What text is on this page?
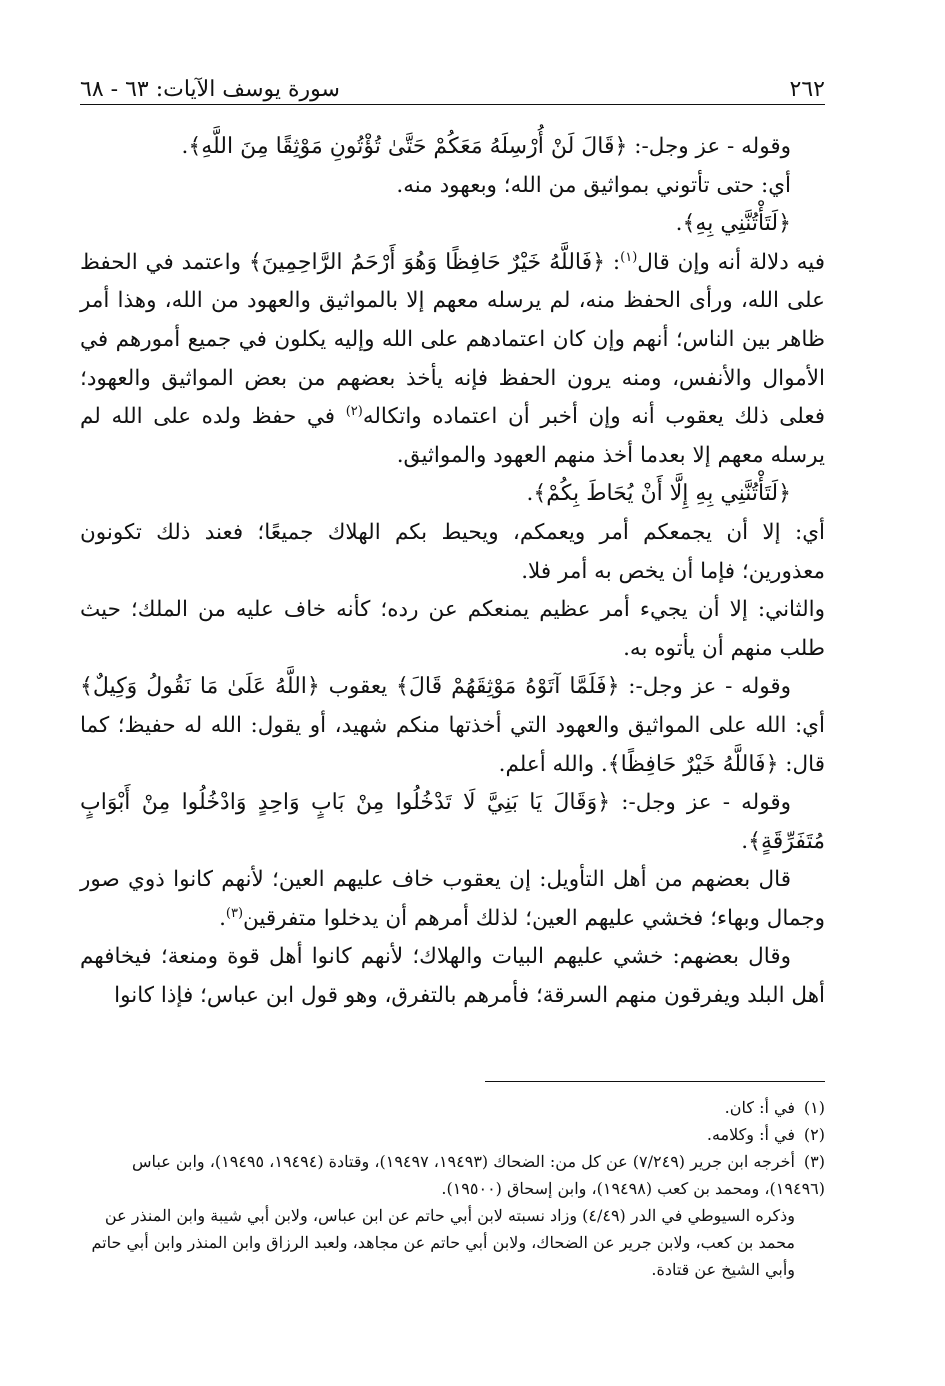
٢٦٢
سورة يوسف الآيات: ٦٣ - ٦٨

وقوله - عز وجل-: ﴿قَالَ لَنْ أُرْسِلَهُ مَعَكُمْ حَتَّىٰ تُؤْتُونِ مَوْثِقًا مِنَ اللَّهِ﴾.

أي: حتى تأتوني بمواثيق من الله؛ وبعهود منه.

﴿لَتَأْتُنَّنِي بِهِ﴾.

فيه دلالة أنه وإن قال$^{(١)}$: ﴿فَاللَّهُ خَيْرٌ حَافِظًا وَهُوَ أَرْحَمُ الرَّاحِمِينَ﴾ واعتمد في الحفظ على الله، ورأى الحفظ منه، لم يرسله معهم إلا بالمواثيق والعهود من الله، وهذا أمر ظاهر بين الناس؛ أنهم وإن كان اعتمادهم على الله وإليه يكلون في جميع أمورهم في الأموال والأنفس، ومنه يرون الحفظ فإنه يأخذ بعضهم من بعض المواثيق والعهود؛ فعلى ذلك يعقوب أنه وإن أخبر أن اعتماده واتكاله$^{(٢)}$ في حفظ ولده على الله لم يرسله معهم إلا بعدما أخذ منهم العهود والمواثيق.

﴿لَتَأْتُنَّنِي بِهِ إِلَّا أَنْ يُحَاطَ بِكُمْ﴾.

أي: إلا أن يجمعكم أمر ويعمكم، ويحيط بكم الهلاك جميعًا؛ فعند ذلك تكونون معذورين؛ فإما أن يخص به أمر فلا.

والثاني: إلا أن يجيء أمر عظيم يمنعكم عن رده؛ كأنه خاف عليه من الملك؛ حيث طلب منهم أن يأتوه به.

وقوله - عز وجل-: ﴿فَلَمَّا آتَوْهُ مَوْثِقَهُمْ قَالَ﴾ يعقوب ﴿اللَّهُ عَلَىٰ مَا نَقُولُ وَكِيلٌ﴾ أي: الله على المواثيق والعهود التي أخذتها منكم شهيد، أو يقول: الله له حفيظ؛ كما قال: ﴿فَاللَّهُ خَيْرٌ حَافِظًا﴾. والله أعلم.

وقوله - عز وجل-: ﴿وَقَالَ يَا بَنِيَّ لَا تَدْخُلُوا مِنْ بَابٍ وَاحِدٍ وَادْخُلُوا مِنْ أَبْوَابٍ مُتَفَرِّقَةٍ﴾.

قال بعضهم من أهل التأويل: إن يعقوب خاف عليهم العين؛ لأنهم كانوا ذوي صور وجمال وبهاء؛ فخشي عليهم العين؛ لذلك أمرهم أن يدخلوا متفرقين$^{(٣)}$.

وقال بعضهم: خشي عليهم البيات والهلاك؛ لأنهم كانوا أهل قوة ومنعة؛ فيخافهم أهل البلد ويفرقون منهم السرقة؛ فأمرهم بالتفرق، وهو قول ابن عباس؛ فإذا كانوا

(١)في أ: كان.

(٢)في أ: وكلامه.

(٣)أخرجه ابن جرير (٧/٢٤٩) عن كل من: الضحاك (١٩٤٩٣، ١٩٤٩٧)، وقتادة (١٩٤٩٤، ١٩٤٩٥)، وابن عباس (١٩٤٩٦)، ومحمد بن كعب (١٩٤٩٨)، وابن إسحاق (١٩٥٠٠).

وذكره السيوطي في الدر (٤/٤٩) وزاد نسبته لابن أبي حاتم عن ابن عباس، ولابن أبي شيبة وابن المنذر عن محمد بن كعب، ولابن جرير عن الضحاك، ولابن أبي حاتم عن مجاهد، ولعبد الرزاق وابن المنذر وابن أبي حاتم وأبي الشيخ عن قتادة.
